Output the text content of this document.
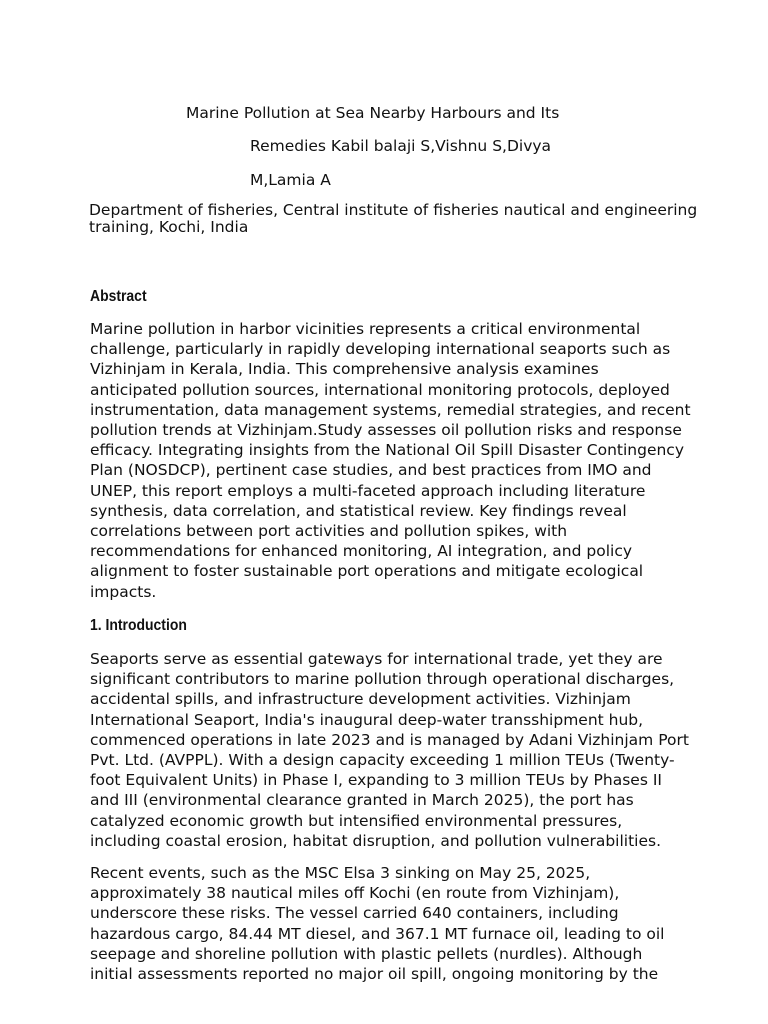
Marine Pollution at Sea Nearby Harbours and Its
Remedies Kabil balaji S,Vishnu S,Divya
M,Lamia A
Department of fisheries, Central institute of fisheries nautical and engineering training, Kochi, India
Abstract
Marine pollution in harbor vicinities represents a critical environmental
challenge, particularly in rapidly developing international seaports such as
Vizhinjam in Kerala, India. This comprehensive analysis examines
anticipated pollution sources, international monitoring protocols, deployed
instrumentation, data management systems, remedial strategies, and recent
pollution trends at Vizhinjam.Study assesses oil pollution risks and response
efficacy. Integrating insights from the National Oil Spill Disaster Contingency
Plan (NOSDCP), pertinent case studies, and best practices from IMO and
UNEP, this report employs a multi-faceted approach including literature
synthesis, data correlation, and statistical review. Key findings reveal
correlations between port activities and pollution spikes, with
recommendations for enhanced monitoring, AI integration, and policy
alignment to foster sustainable port operations and mitigate ecological
impacts.
1. Introduction
Seaports serve as essential gateways for international trade, yet they are
significant contributors to marine pollution through operational discharges,
accidental spills, and infrastructure development activities. Vizhinjam
International Seaport, India's inaugural deep-water transshipment hub,
commenced operations in late 2023 and is managed by Adani Vizhinjam Port
Pvt. Ltd. (AVPPL). With a design capacity exceeding 1 million TEUs (Twenty-
foot Equivalent Units) in Phase I, expanding to 3 million TEUs by Phases II
and III (environmental clearance granted in March 2025), the port has
catalyzed economic growth but intensified environmental pressures,
including coastal erosion, habitat disruption, and pollution vulnerabilities.
Recent events, such as the MSC Elsa 3 sinking on May 25, 2025,
approximately 38 nautical miles off Kochi (en route from Vizhinjam),
underscore these risks. The vessel carried 640 containers, including
hazardous cargo, 84.44 MT diesel, and 367.1 MT furnace oil, leading to oil
seepage and shoreline pollution with plastic pellets (nurdles). Although
initial assessments reported no major oil spill, ongoing monitoring by the
